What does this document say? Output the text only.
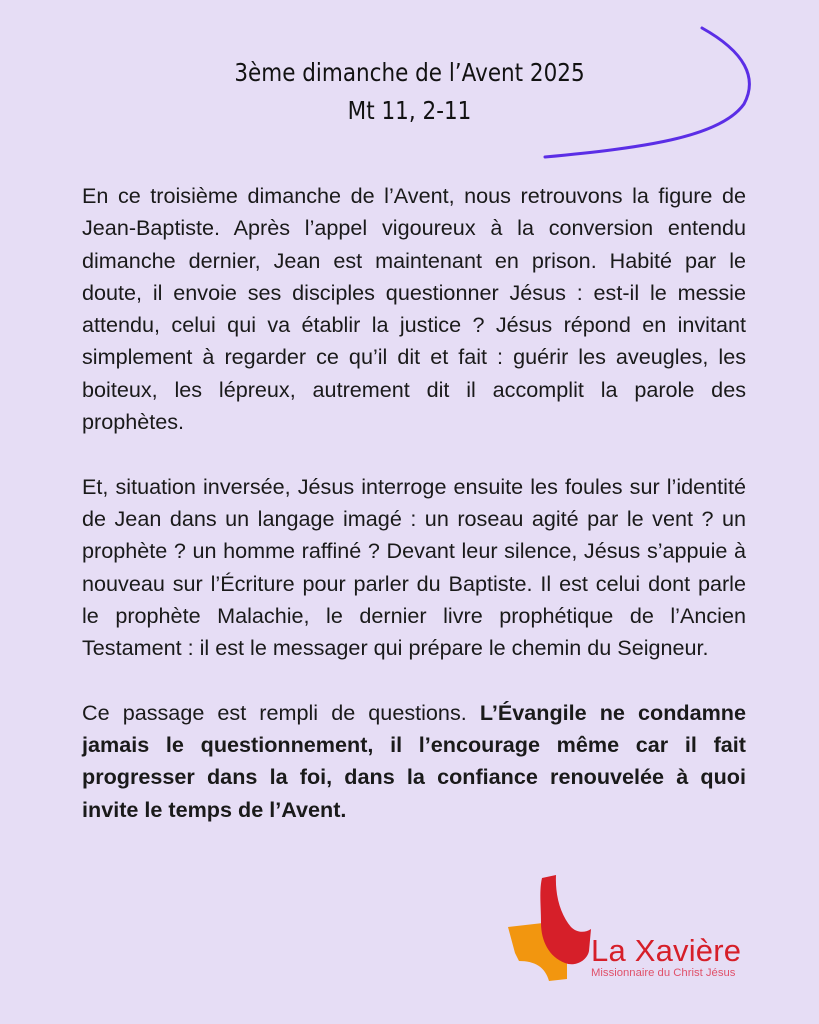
3ème dimanche de l’Avent 2025
Mt 11, 2-11

En ce troisième dimanche de l’Avent, nous retrouvons la figure de Jean-Baptiste. Après l’appel vigoureux à la conversion entendu dimanche dernier, Jean est maintenant en prison. Habité par le doute, il envoie ses disciples questionner Jésus : est-il le messie attendu, celui qui va établir la justice ? Jésus répond en invitant simplement à regarder ce qu’il dit et fait : guérir les aveugles, les boiteux, les lépreux, autrement dit il accomplit la parole des prophètes.

Et, situation inversée, Jésus interroge ensuite les foules sur l’identité de Jean dans un langage imagé : un roseau agité par le vent ? un prophète ? un homme raffiné ? Devant leur silence, Jésus s’appuie à nouveau sur l’Écriture pour parler du Baptiste. Il est celui dont parle le prophète Malachie, le dernier livre prophétique de l’Ancien Testament : il est le messager qui prépare le chemin du Seigneur.

Ce passage est rempli de questions. L’Évangile ne condamne jamais le questionnement, il l’encourage même car il fait progresser dans la foi, dans la confiance renouvelée à quoi invite le temps de l’Avent.

La Xavière
Missionnaire du Christ Jésus
